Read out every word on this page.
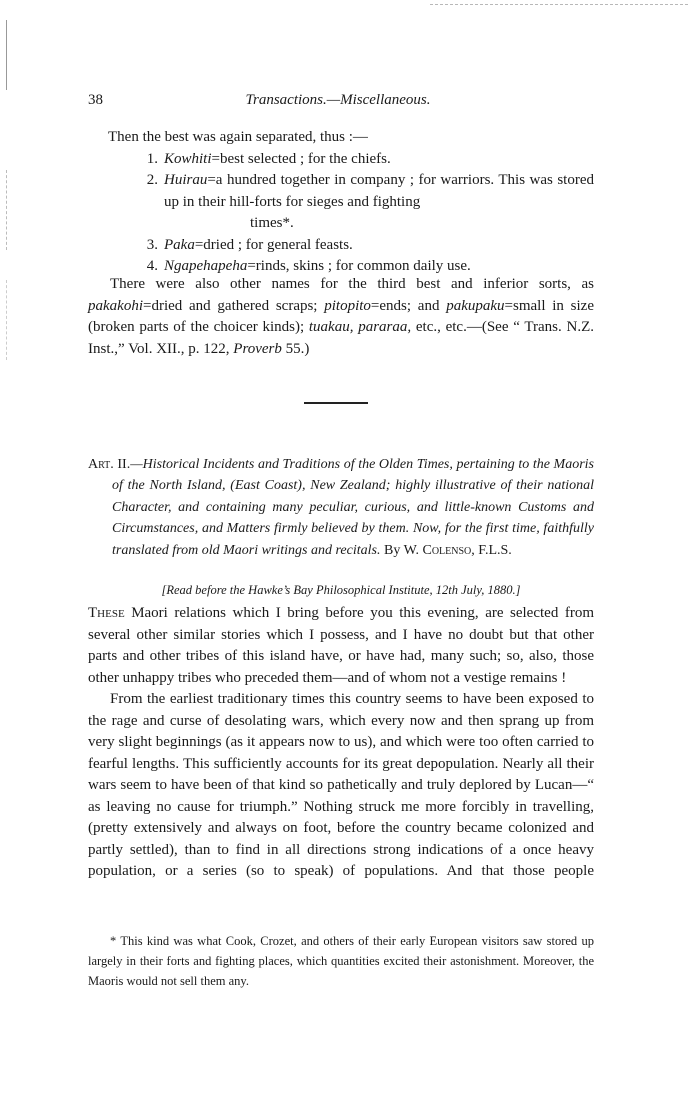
38	Transactions.—Miscellaneous.

Then the best was again separated, thus :—

1. Kowhiti=best selected ; for the chiefs.

2. Huirau=a hundred together in company ; for warriors. This was stored up in their hill-forts for sieges and fighting
times*.

3. Paka=dried ; for general feasts.

4. Ngapehapeha=rinds, skins ; for common daily use.

There were also other names for the third best and inferior sorts, as pakakohi=dried and gathered scraps; pitopito=ends; and pakupaku=small in size (broken parts of the choicer kinds); tuakau, pararaa, etc., etc.—(See “ Trans. N.Z. Inst.,” Vol. XII., p. 122, Proverb 55.)

Art. II.—Historical Incidents and Traditions of the Olden Times, pertaining to the Maoris of the North Island, (East Coast), New Zealand; highly illustrative of their national Character, and containing many peculiar, curious, and little-known Customs and Circumstances, and Matters firmly believed by them. Now, for the first time, faithfully translated from old Maori writings and recitals. By W. Colenso, F.L.S.

[Read before the Hawke’s Bay Philosophical Institute, 12th July, 1880.]

These Maori relations which I bring before you this evening, are selected from several other similar stories which I possess, and I have no doubt but that other parts and other tribes of this island have, or have had, many such; so, also, those other unhappy tribes who preceded them—and of whom not a vestige remains !

From the earliest traditionary times this country seems to have been exposed to the rage and curse of desolating wars, which every now and then sprang up from very slight beginnings (as it appears now to us), and which were too often carried to fearful lengths. This sufficiently accounts for its great depopulation. Nearly all their wars seem to have been of that kind so pathetically and truly deplored by Lucan—“ as leaving no cause for triumph.” Nothing struck me more forcibly in travelling, (pretty extensively and always on foot, before the country became colonized and partly settled), than to find in all directions strong indications of a once heavy population, or a series (so to speak) of populations. And that those people

* This kind was what Cook, Crozet, and others of their early European visitors saw stored up largely in their forts and fighting places, which quantities excited their astonishment. Moreover, the Maoris would not sell them any.
